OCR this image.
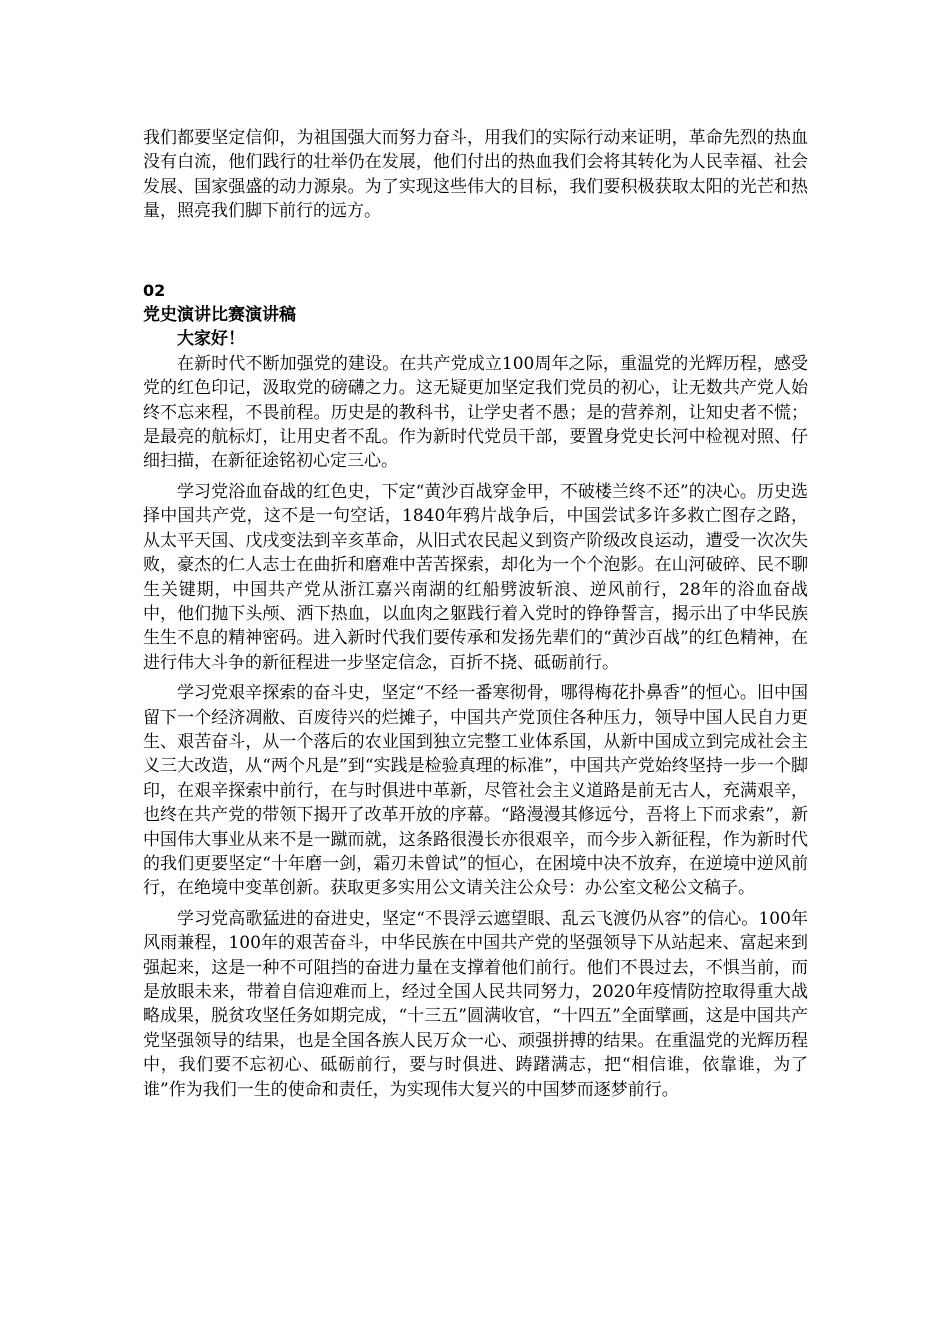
我们都要坚定信仰，为祖国强大而努力奋斗，用我们的实际行动来证明，革命先烈的热血没有白流，他们践行的壮举仍在发展，他们付出的热血我们会将其转化为人民幸福、社会发展、国家强盛的动力源泉。为了实现这些伟大的目标，我们要积极获取太阳的光芒和热量，照亮我们脚下前行的远方。

02

党史演讲比赛演讲稿

大家好！

在新时代不断加强党的建设。在共产党成立100周年之际，重温党的光辉历程，感受党的红色印记，汲取党的磅礴之力。这无疑更加坚定我们党员的初心，让无数共产党人始终不忘来程，不畏前程。历史是的教科书，让学史者不愚；是的营养剂，让知史者不慌；是最亮的航标灯，让用史者不乱。作为新时代党员干部，要置身党史长河中检视对照、仔细扫描，在新征途铭初心定三心。

学习党浴血奋战的红色史，下定“黄沙百战穿金甲，不破楼兰终不还”的决心。历史选择中国共产党，这不是一句空话，1840年鸦片战争后，中国尝试多许多救亡图存之路，从太平天国、戊戌变法到辛亥革命，从旧式农民起义到资产阶级改良运动，遭受一次次失败，豪杰的仁人志士在曲折和磨难中苦苦探索，却化为一个个泡影。在山河破碎、民不聊生关键期，中国共产党从浙江嘉兴南湖的红船劈波斩浪、逆风前行，28年的浴血奋战中，他们抛下头颅、洒下热血，以血肉之躯践行着入党时的铮铮誓言，揭示出了中华民族生生不息的精神密码。进入新时代我们要传承和发扬先辈们的“黄沙百战”的红色精神，在进行伟大斗争的新征程进一步坚定信念，百折不挠、砥砺前行。

学习党艰辛探索的奋斗史，坚定“不经一番寒彻骨，哪得梅花扑鼻香”的恒心。旧中国留下一个经济凋敝、百废待兴的烂摊子，中国共产党顶住各种压力，领导中国人民自力更生、艰苦奋斗，从一个落后的农业国到独立完整工业体系国，从新中国成立到完成社会主义三大改造，从“两个凡是”到“实践是检验真理的标准”，中国共产党始终坚持一步一个脚印，在艰辛探索中前行，在与时俱进中革新，尽管社会主义道路是前无古人，充满艰辛，也终在共产党的带领下揭开了改革开放的序幕。“路漫漫其修远兮，吾将上下而求索”，新中国伟大事业从来不是一蹴而就，这条路很漫长亦很艰辛，而今步入新征程，作为新时代的我们更要坚定“十年磨一剑，霜刃未曾试”的恒心，在困境中决不放弃，在逆境中逆风前行，在绝境中变革创新。获取更多实用公文请关注公众号：办公室文秘公文稿子。

学习党高歌猛进的奋进史，坚定“不畏浮云遮望眼、乱云飞渡仍从容”的信心。100年风雨兼程，100年的艰苦奋斗，中华民族在中国共产党的坚强领导下从站起来、富起来到强起来，这是一种不可阻挡的奋进力量在支撑着他们前行。他们不畏过去，不惧当前，而是放眼未来，带着自信迎难而上，经过全国人民共同努力，2020年疫情防控取得重大战略成果，脱贫攻坚任务如期完成，“十三五”圆满收官，“十四五”全面擘画，这是中国共产党坚强领导的结果，也是全国各族人民万众一心、顽强拼搏的结果。在重温党的光辉历程中，我们要不忘初心、砥砺前行，要与时俱进、踌躇满志，把“相信谁，依靠谁，为了谁”作为我们一生的使命和责任，为实现伟大复兴的中国梦而逐梦前行。
